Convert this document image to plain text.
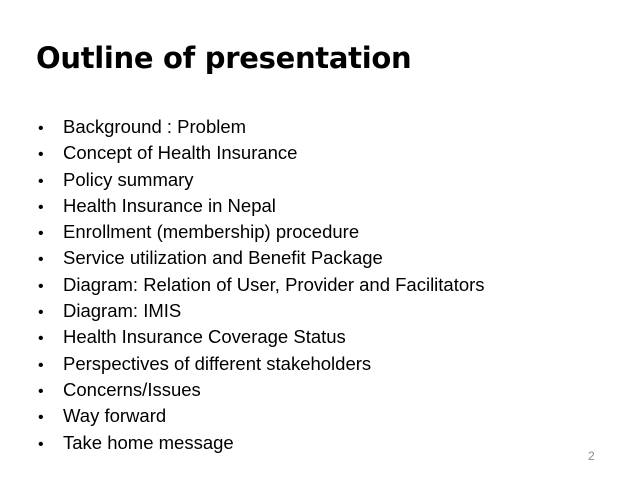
Outline of presentation
•	Background : Problem
•	Concept of Health Insurance
•	Policy summary
•	Health Insurance in Nepal
•	Enrollment (membership) procedure
•	Service utilization and Benefit Package
•	Diagram: Relation of User, Provider and Facilitators
•	Diagram: IMIS
•	Health Insurance Coverage Status
•	Perspectives of different stakeholders
•	Concerns/Issues
•	Way forward
•	Take home message
2
